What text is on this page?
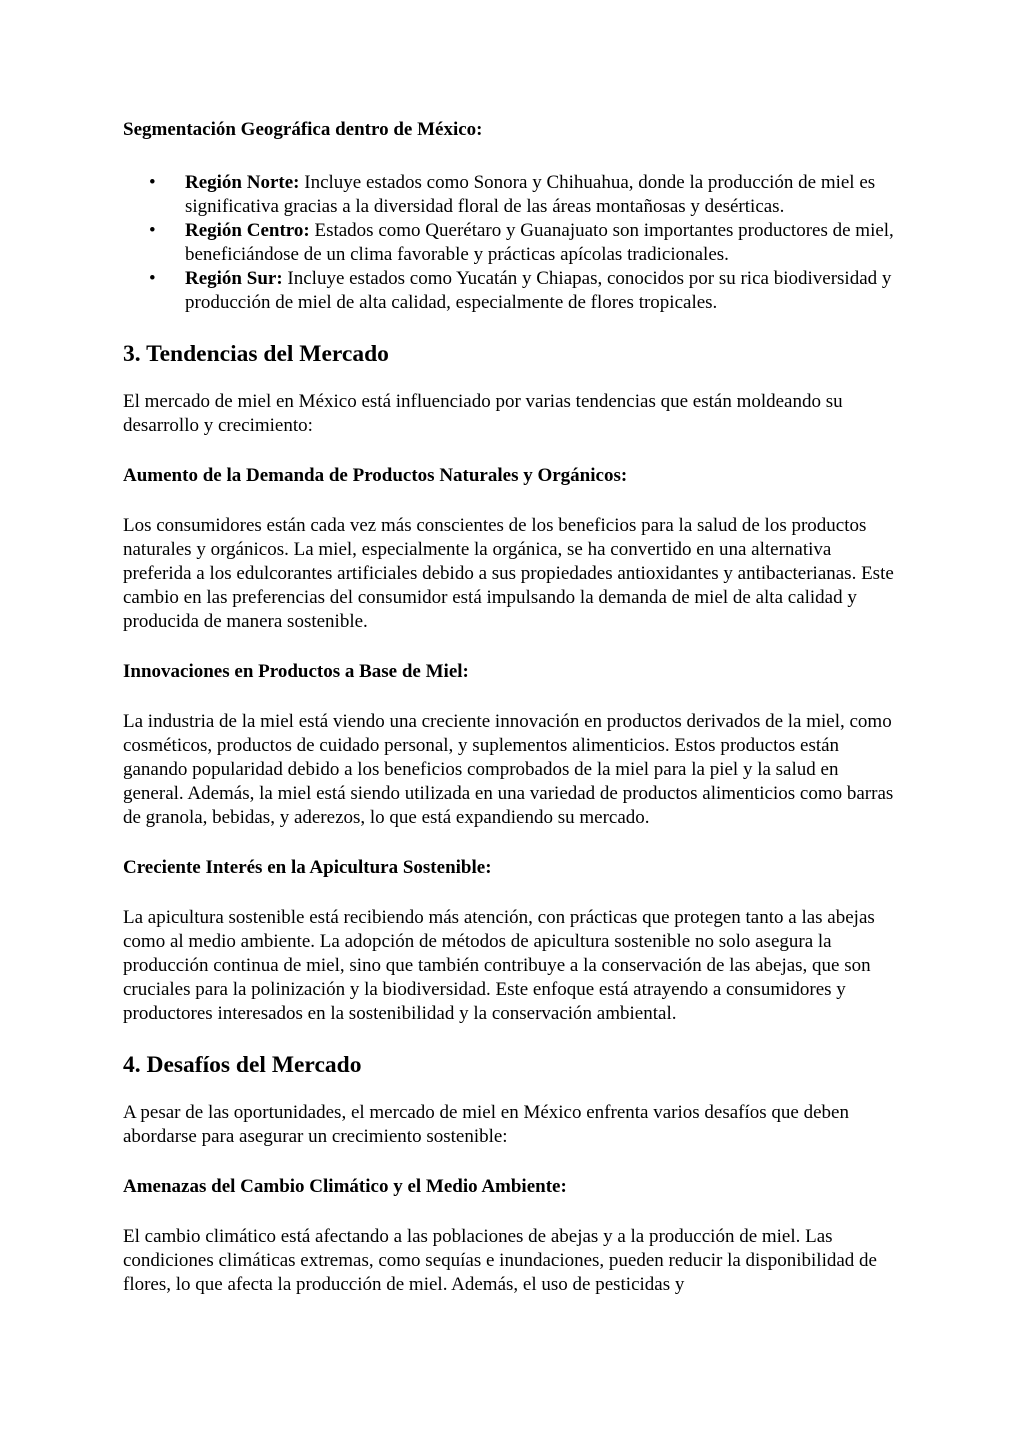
Segmentación Geográfica dentro de México:

• Región Norte: Incluye estados como Sonora y Chihuahua, donde la producción de miel es significativa gracias a la diversidad floral de las áreas montañosas y desérticas.
• Región Centro: Estados como Querétaro y Guanajuato son importantes productores de miel, beneficiándose de un clima favorable y prácticas apícolas tradicionales.
• Región Sur: Incluye estados como Yucatán y Chiapas, conocidos por su rica biodiversidad y producción de miel de alta calidad, especialmente de flores tropicales.
3. Tendencias del Mercado

El mercado de miel en México está influenciado por varias tendencias que están moldeando su desarrollo y crecimiento:

Aumento de la Demanda de Productos Naturales y Orgánicos:

Los consumidores están cada vez más conscientes de los beneficios para la salud de los productos naturales y orgánicos. La miel, especialmente la orgánica, se ha convertido en una alternativa preferida a los edulcorantes artificiales debido a sus propiedades antioxidantes y antibacterianas. Este cambio en las preferencias del consumidor está impulsando la demanda de miel de alta calidad y producida de manera sostenible.

Innovaciones en Productos a Base de Miel:

La industria de la miel está viendo una creciente innovación en productos derivados de la miel, como cosméticos, productos de cuidado personal, y suplementos alimenticios. Estos productos están ganando popularidad debido a los beneficios comprobados de la miel para la piel y la salud en general. Además, la miel está siendo utilizada en una variedad de productos alimenticios como barras de granola, bebidas, y aderezos, lo que está expandiendo su mercado.

Creciente Interés en la Apicultura Sostenible:

La apicultura sostenible está recibiendo más atención, con prácticas que protegen tanto a las abejas como al medio ambiente. La adopción de métodos de apicultura sostenible no solo asegura la producción continua de miel, sino que también contribuye a la conservación de las abejas, que son cruciales para la polinización y la biodiversidad. Este enfoque está atrayendo a consumidores y productores interesados en la sostenibilidad y la conservación ambiental.

4. Desafíos del Mercado

A pesar de las oportunidades, el mercado de miel en México enfrenta varios desafíos que deben abordarse para asegurar un crecimiento sostenible:

Amenazas del Cambio Climático y el Medio Ambiente:

El cambio climático está afectando a las poblaciones de abejas y a la producción de miel. Las condiciones climáticas extremas, como sequías e inundaciones, pueden reducir la disponibilidad de flores, lo que afecta la producción de miel. Además, el uso de pesticidas y
